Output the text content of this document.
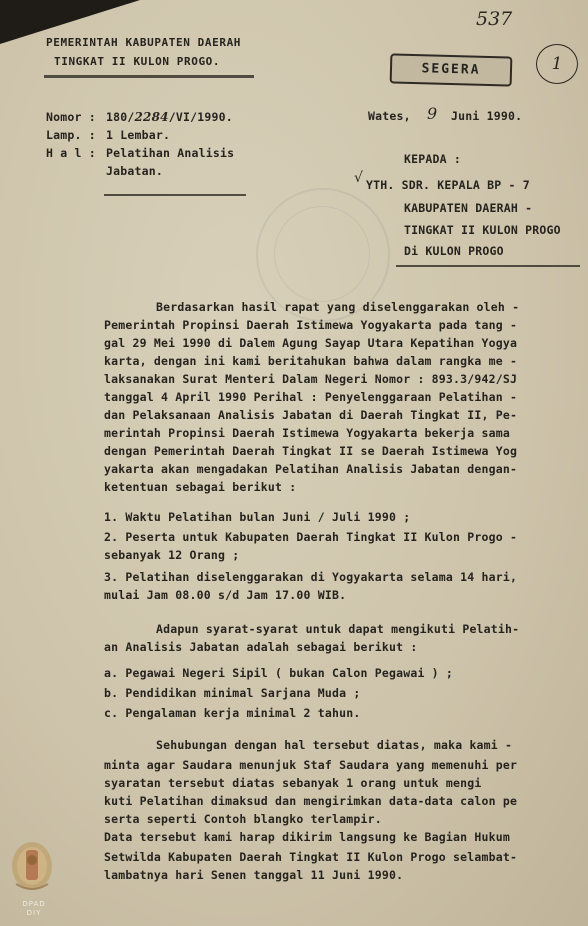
537
1
PEMERINTAH KABUPATEN DAERAH
TINGKAT II KULON PROGO.	SEGERA
Nomor : 180/2284/VI/1990.
Lamp. : 1 Lembar.
H a l : Pelatihan Analisis
Jabatan.
Wates, 9 Juni 1990.
KEPADA :
√ YTH. SDR. KEPALA BP - 7
KABUPATEN DAERAH -
TINGKAT II KULON PROGO
Di KULON PROGO
Berdasarkan hasil rapat yang diselenggarakan oleh -
Pemerintah Propinsi Daerah Istimewa Yogyakarta pada tang -
gal 29 Mei 1990 di Dalem Agung Sayap Utara Kepatihan Yogya
karta, dengan ini kami beritahukan bahwa dalam rangka me -
laksanakan Surat Menteri Dalam Negeri Nomor : 893.3/942/SJ
tanggal 4 April 1990 Perihal : Penyelenggaraan Pelatihan -
dan Pelaksanaan Analisis Jabatan di Daerah Tingkat II, Pe-
merintah Propinsi Daerah Istimewa Yogyakarta bekerja sama
dengan Pemerintah Daerah Tingkat II se Daerah Istimewa Yog
yakarta akan mengadakan Pelatihan Analisis Jabatan dengan-
ketentuan sebagai berikut :
1. Waktu Pelatihan bulan Juni / Juli 1990 ;
2. Peserta untuk Kabupaten Daerah Tingkat II Kulon Progo -
sebanyak 12 Orang ;
3. Pelatihan diselenggarakan di Yogyakarta selama 14 hari,
mulai Jam 08.00 s/d Jam 17.00 WIB.
Adapun syarat-syarat untuk dapat mengikuti Pelatih-
an Analisis Jabatan adalah sebagai berikut :
a. Pegawai Negeri Sipil ( bukan Calon Pegawai ) ;
b. Pendidikan minimal Sarjana Muda ;
c. Pengalaman kerja minimal 2 tahun.
Sehubungan dengan hal tersebut diatas, maka kami -
minta agar Saudara menunjuk Staf Saudara yang memenuhi per
syaratan tersebut diatas sebanyak 1 orang untuk mengi
kuti Pelatihan dimaksud dan mengirimkan data-data calon pe
serta seperti Contoh blangko terlampir.
Data tersebut kami harap dikirim langsung ke Bagian Hukum
Setwilda Kabupaten Daerah Tingkat II Kulon Progo selambat-
lambatnya hari Senen tanggal 11 Juni 1990.
DPAD
DIY
